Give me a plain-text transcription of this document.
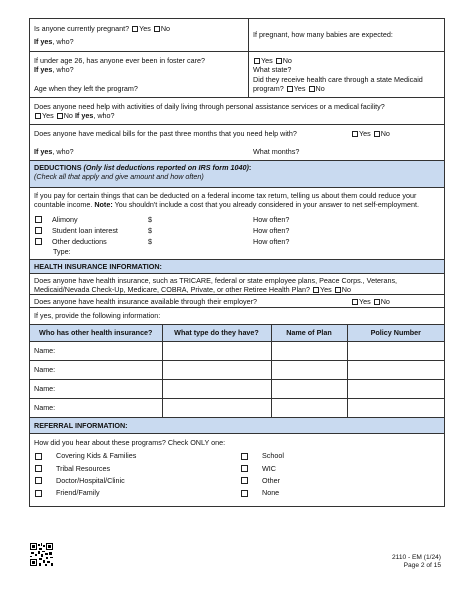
Is anyone currently pregnant? Yes No
If yes, who?
If pregnant, how many babies are expected:
If under age 26, has anyone ever been in foster care?
If yes, who?
Age when they left the program?
Yes No
What state?
Did they receive health care through a state Medicaid
program? Yes No
Does anyone need help with activities of daily living through personal assistance services or a medical facility?
Yes No If yes, who?
Does anyone have medical bills for the past three months that you need help with?	Yes No
If yes, who?	What months?
DEDUCTIONS (Only list deductions reported on IRS form 1040):
(Check all that apply and give amount and how often)
If you pay for certain things that can be deducted on a federal income tax return, telling us about them could reduce your countable income. Note: You shouldn't include a cost that you already considered in your answer to net self-employment.
Alimony	$	How often?
Student loan interest	$	How often?
Other deductions	$	How often?
Type:
HEALTH INSURANCE INFORMATION:
Does anyone have health insurance, such as TRICARE, federal or state employee plans, Peace Corps., Veterans, Medicaid/Nevada Check-Up, Medicare, COBRA, Private, or other Retiree Health Plan? Yes No
Does anyone have health insurance available through their employer?	Yes No
If yes, provide the following information:
Who has other health insurance?	What type do they have?	Name of Plan	Policy Number
Name:			
Name:			
Name:			
Name:			
REFERRAL INFORMATION:
How did you hear about these programs? Check ONLY one:
Covering Kids & Families	School
Tribal Resources	WIC
Doctor/Hospital/Clinic	Other
Friend/Family	None
2110 - EM (1/24)
Page 2 of 15
